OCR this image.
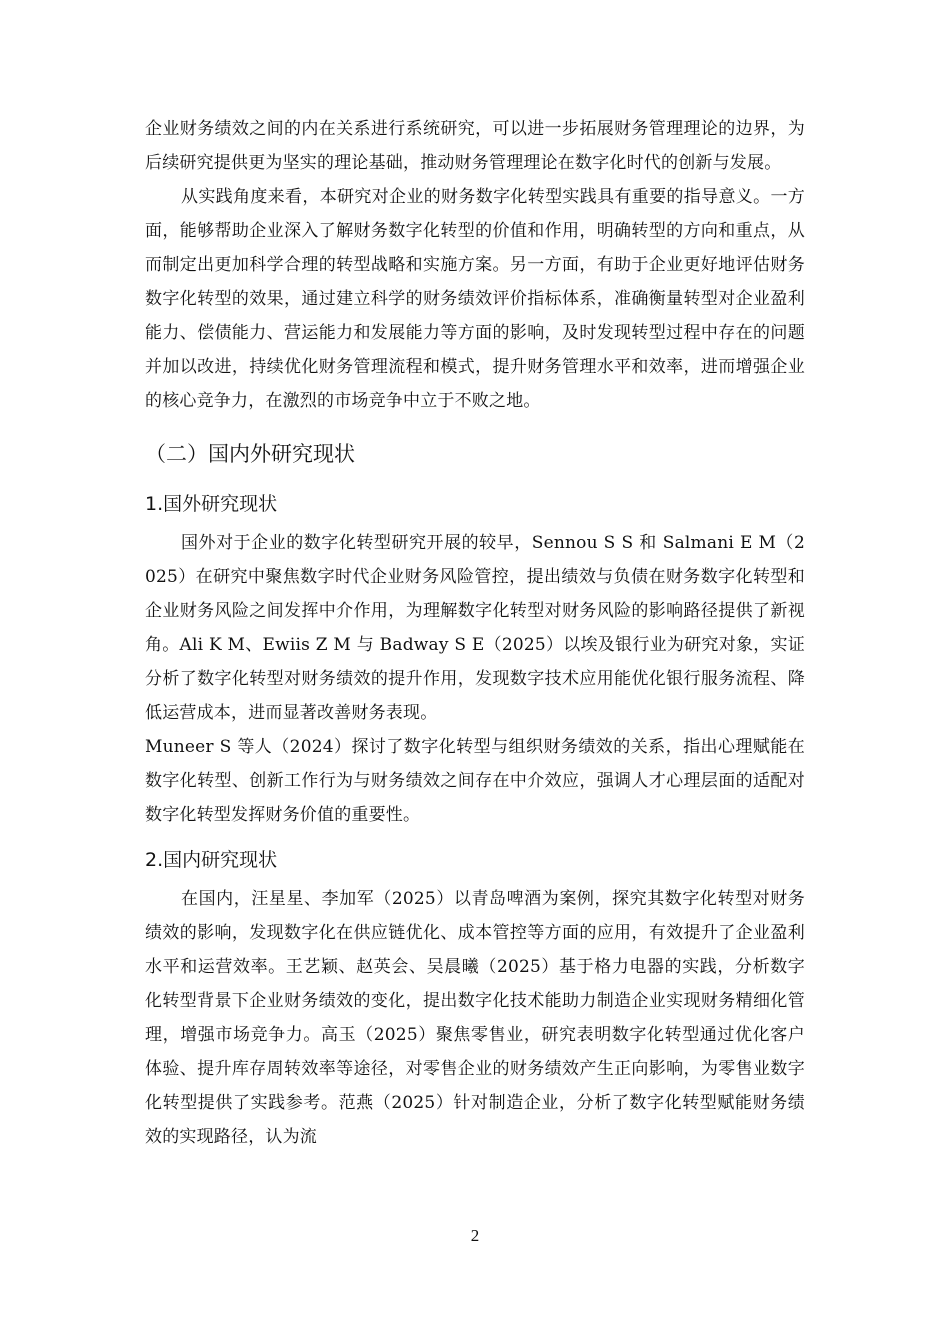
企业财务绩效之间的内在关系进行系统研究，可以进一步拓展财务管理理论的边界，为后续研究提供更为坚实的理论基础，推动财务管理理论在数字化时代的创新与发展。

从实践角度来看，本研究对企业的财务数字化转型实践具有重要的指导意义。一方面，能够帮助企业深入了解财务数字化转型的价值和作用，明确转型的方向和重点，从而制定出更加科学合理的转型战略和实施方案。另一方面，有助于企业更好地评估财务数字化转型的效果，通过建立科学的财务绩效评价指标体系，准确衡量转型对企业盈利能力、偿债能力、营运能力和发展能力等方面的影响，及时发现转型过程中存在的问题并加以改进，持续优化财务管理流程和模式，提升财务管理水平和效率，进而增强企业的核心竞争力，在激烈的市场竞争中立于不败之地。

（二）国内外研究现状
1.国外研究现状

国外对于企业的数字化转型研究开展的较早，Sennou S S 和 Salmani E M（2025）在研究中聚焦数字时代企业财务风险管控，提出绩效与负债在财务数字化转型和企业财务风险之间发挥中介作用，为理解数字化转型对财务风险的影响路径提供了新视角。Ali K M、Ewiis Z M 与 Badway S E（2025）以埃及银行业为研究对象，实证分析了数字化转型对财务绩效的提升作用，发现数字技术应用能优化银行服务流程、降低运营成本，进而显著改善财务表现。

Muneer S 等人（2024）探讨了数字化转型与组织财务绩效的关系，指出心理赋能在数字化转型、创新工作行为与财务绩效之间存在中介效应，强调人才心理层面的适配对数字化转型发挥财务价值的重要性。

2.国内研究现状

在国内，汪星星、李加军（2025）以青岛啤酒为案例，探究其数字化转型对财务绩效的影响，发现数字化在供应链优化、成本管控等方面的应用，有效提升了企业盈利水平和运营效率。王艺颖、赵英会、吴晨曦（2025）基于格力电器的实践，分析数字化转型背景下企业财务绩效的变化，提出数字化技术能助力制造企业实现财务精细化管理，增强市场竞争力。高玉（2025）聚焦零售业，研究表明数字化转型通过优化客户体验、提升库存周转效率等途径，对零售企业的财务绩效产生正向影响，为零售业数字化转型提供了实践参考。范燕（2025）针对制造企业，分析了数字化转型赋能财务绩效的实现路径，认为流

2
